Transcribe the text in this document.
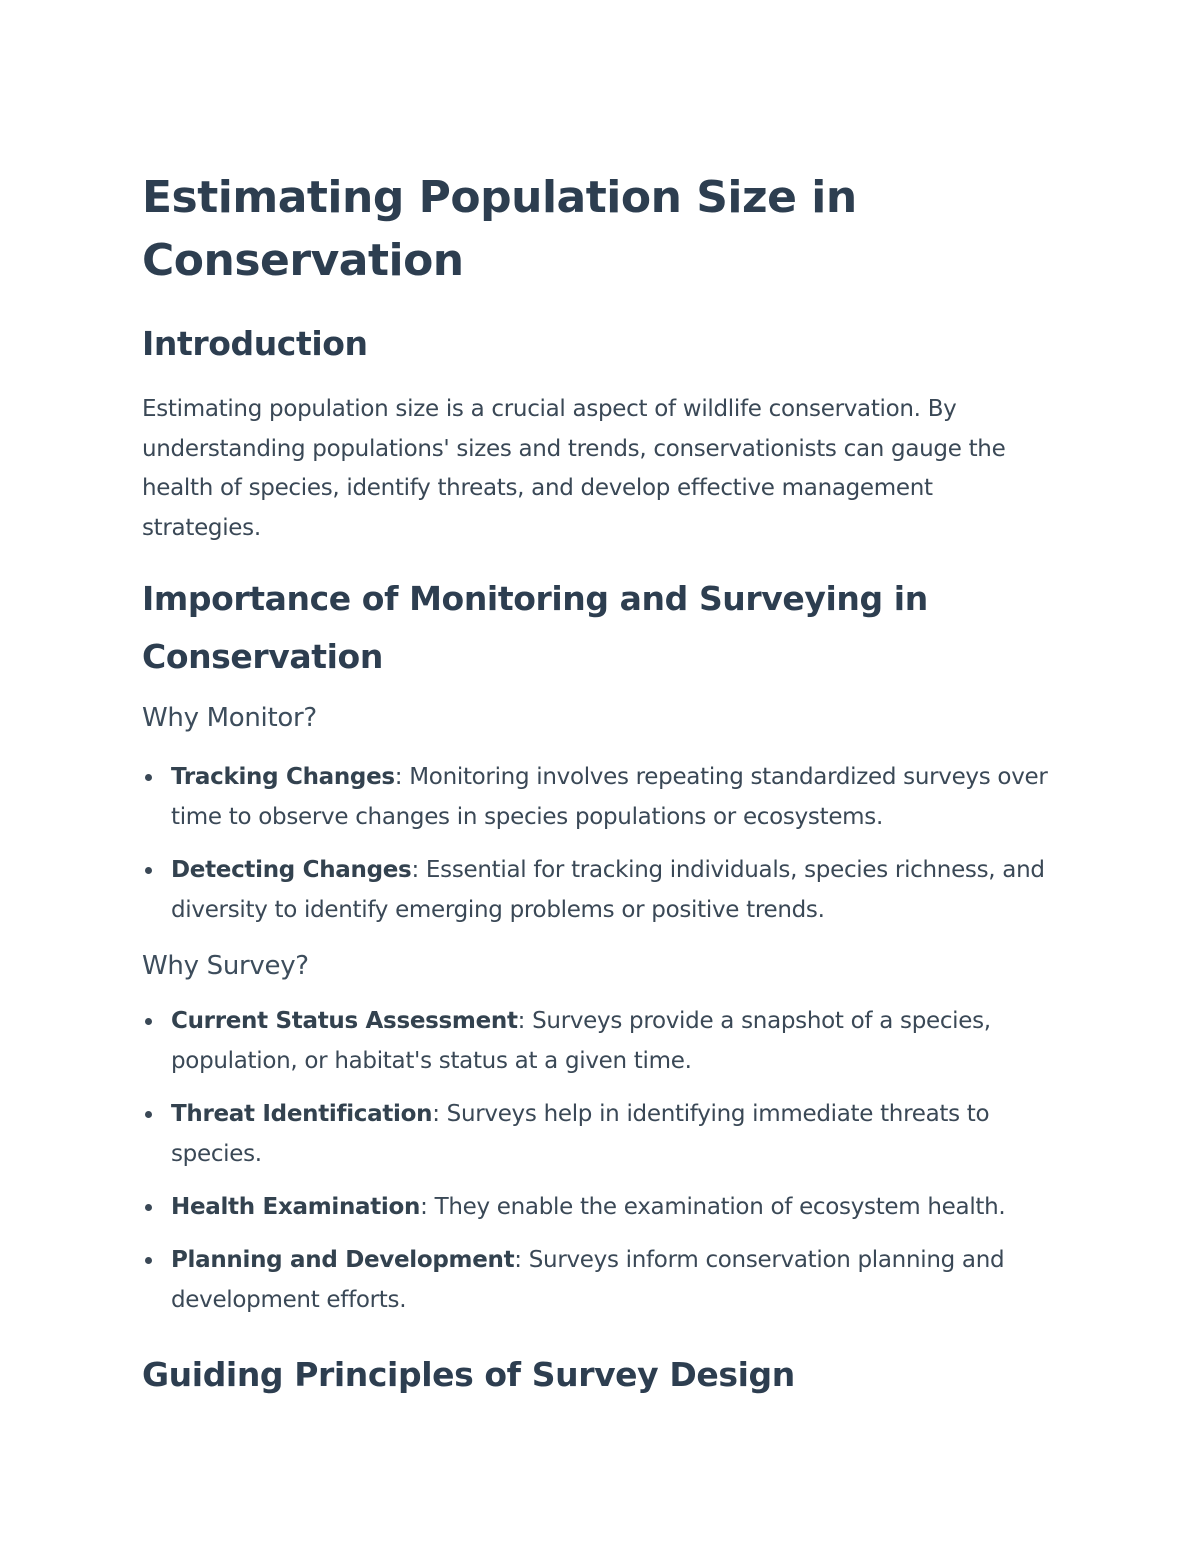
Estimating Population Size in Conservation
Introduction

Estimating population size is a crucial aspect of wildlife conservation. By understanding populations' sizes and trends, conservationists can gauge the health of species, identify threats, and develop effective management strategies.

Importance of Monitoring and Surveying in Conservation
Why Monitor?
Tracking Changes: Monitoring involves repeating standardized surveys over time to observe changes in species populations or ecosystems.
Detecting Changes: Essential for tracking individuals, species richness, and diversity to identify emerging problems or positive trends.
Why Survey?
Current Status Assessment: Surveys provide a snapshot of a species, population, or habitat's status at a given time.
Threat Identification: Surveys help in identifying immediate threats to species.
Health Examination: They enable the examination of ecosystem health.
Planning and Development: Surveys inform conservation planning and development efforts.
Guiding Principles of Survey Design
